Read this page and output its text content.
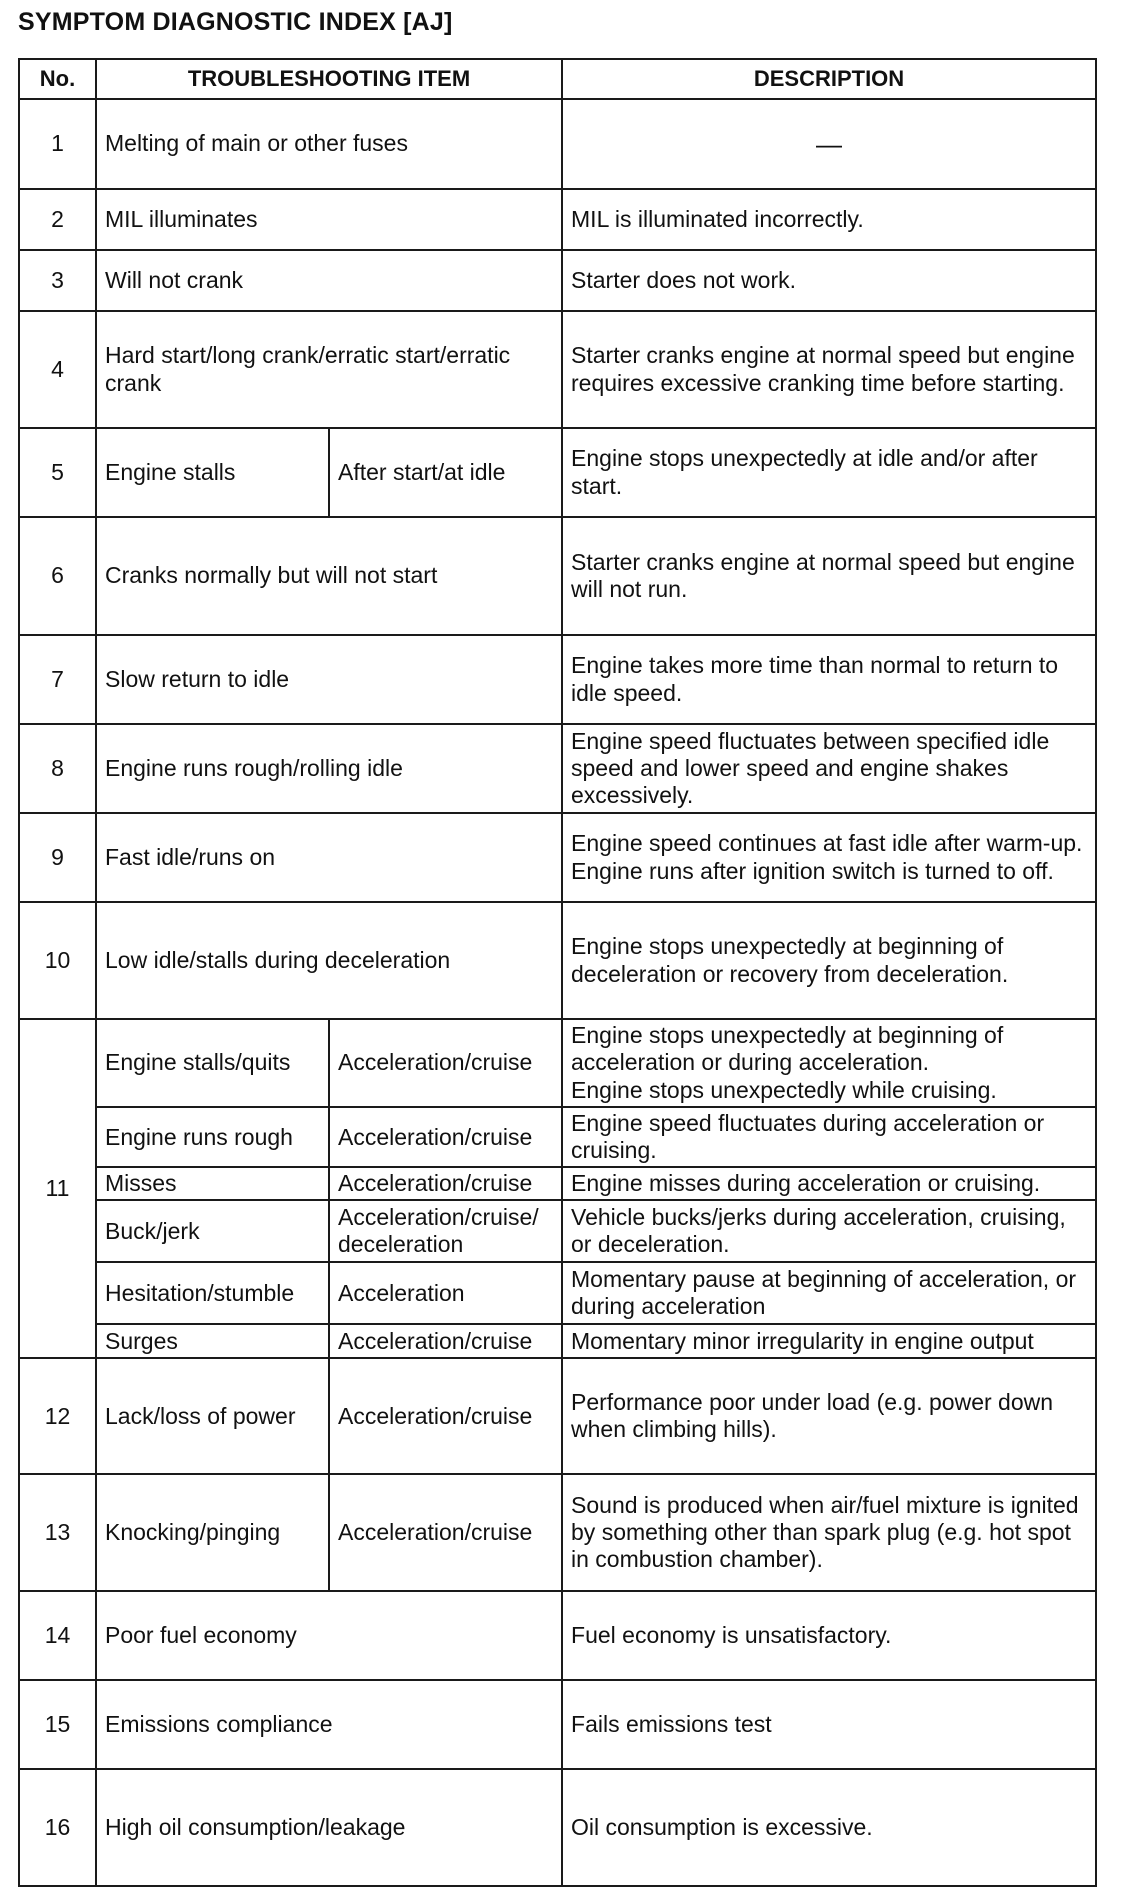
SYMPTOM DIAGNOSTIC INDEX [AJ]
No.	TROUBLESHOOTING ITEM		DESCRIPTION
1	Melting of main or other fuses		—
2	MIL illuminates		MIL is illuminated incorrectly.
3	Will not crank		Starter does not work.
4	Hard start/long crank/erratic start/erratic crank		Starter cranks engine at normal speed but engine requires excessive cranking time before starting.
5	Engine stalls	After start/at idle	Engine stops unexpectedly at idle and/or after start.
6	Cranks normally but will not start		Starter cranks engine at normal speed but engine will not run.
7	Slow return to idle		Engine takes more time than normal to return to idle speed.
8	Engine runs rough/rolling idle		Engine speed fluctuates between specified idle speed and lower speed and engine shakes excessively.
9	Fast idle/runs on		Engine speed continues at fast idle after warm-up.
Engine runs after ignition switch is turned to off.
10	Low idle/stalls during deceleration		Engine stops unexpectedly at beginning of deceleration or recovery from deceleration.
11	Engine stalls/quits	Acceleration/cruise	Engine stops unexpectedly at beginning of acceleration or during acceleration.
Engine stops unexpectedly while cruising.
	Engine runs rough	Acceleration/cruise	Engine speed fluctuates during acceleration or cruising.
	Misses	Acceleration/cruise	Engine misses during acceleration or cruising.
	Buck/jerk	Acceleration/cruise/
deceleration	Vehicle bucks/jerks during acceleration, cruising, or deceleration.
	Hesitation/stumble	Acceleration	Momentary pause at beginning of acceleration, or during acceleration
	Surges	Acceleration/cruise	Momentary minor irregularity in engine output
12	Lack/loss of power	Acceleration/cruise	Performance poor under load (e.g. power down when climbing hills).
13	Knocking/pinging	Acceleration/cruise	Sound is produced when air/fuel mixture is ignited by something other than spark plug (e.g. hot spot in combustion chamber).
14	Poor fuel economy		Fuel economy is unsatisfactory.
15	Emissions compliance		Fails emissions test
16	High oil consumption/leakage		Oil consumption is excessive.
